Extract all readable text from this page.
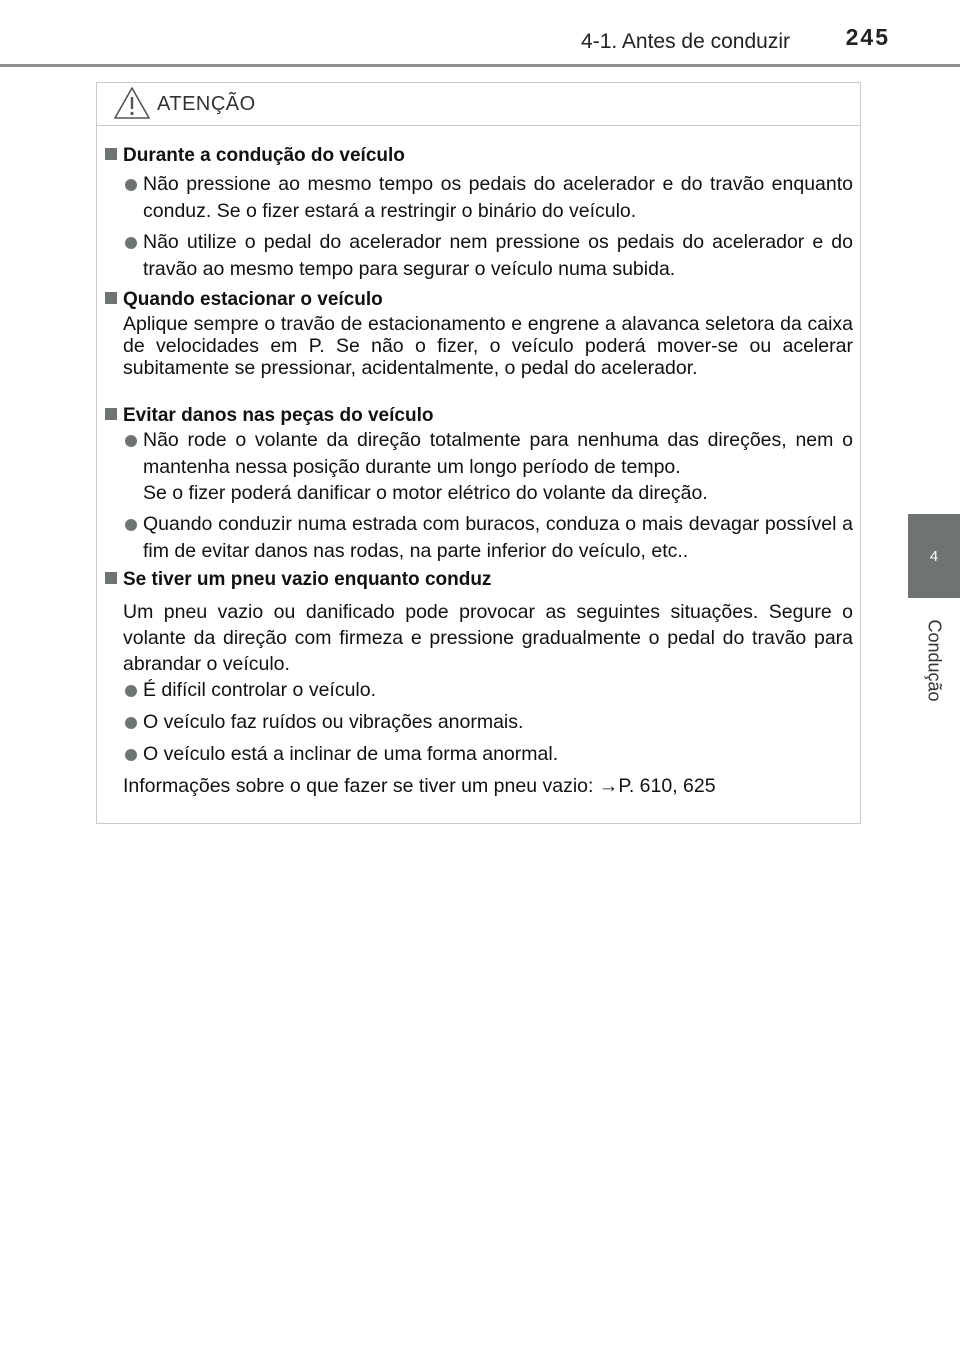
4-1. Antes de conduzir 245
4
Condução
ATENÇÃO
Durante a condução do veículo
Não pressione ao mesmo tempo os pedais do acelerador e do travão enquanto conduz. Se o fizer estará a restringir o binário do veículo.
Não utilize o pedal do acelerador nem pressione os pedais do acelerador e do travão ao mesmo tempo para segurar o veículo numa subida.
Quando estacionar o veículo
Aplique sempre o travão de estacionamento e engrene a alavanca seletora da caixa de velocidades em P. Se não o fizer, o veículo poderá mover-se ou acelerar subitamente se pressionar, acidentalmente, o pedal do acelerador.
Evitar danos nas peças do veículo
Não rode o volante da direção totalmente para nenhuma das direções, nem o mantenha nessa posição durante um longo período de tempo.
Se o fizer poderá danificar o motor elétrico do volante da direção.
Quando conduzir numa estrada com buracos, conduza o mais devagar possível a fim de evitar danos nas rodas, na parte inferior do veículo, etc..
Se tiver um pneu vazio enquanto conduz
Um pneu vazio ou danificado pode provocar as seguintes situações. Segure o volante da direção com firmeza e pressione gradualmente o pedal do travão para abrandar o veículo.
É difícil controlar o veículo.
O veículo faz ruídos ou vibrações anormais.
O veículo está a inclinar de uma forma anormal.
Informações sobre o que fazer se tiver um pneu vazio: →P. 610, 625
